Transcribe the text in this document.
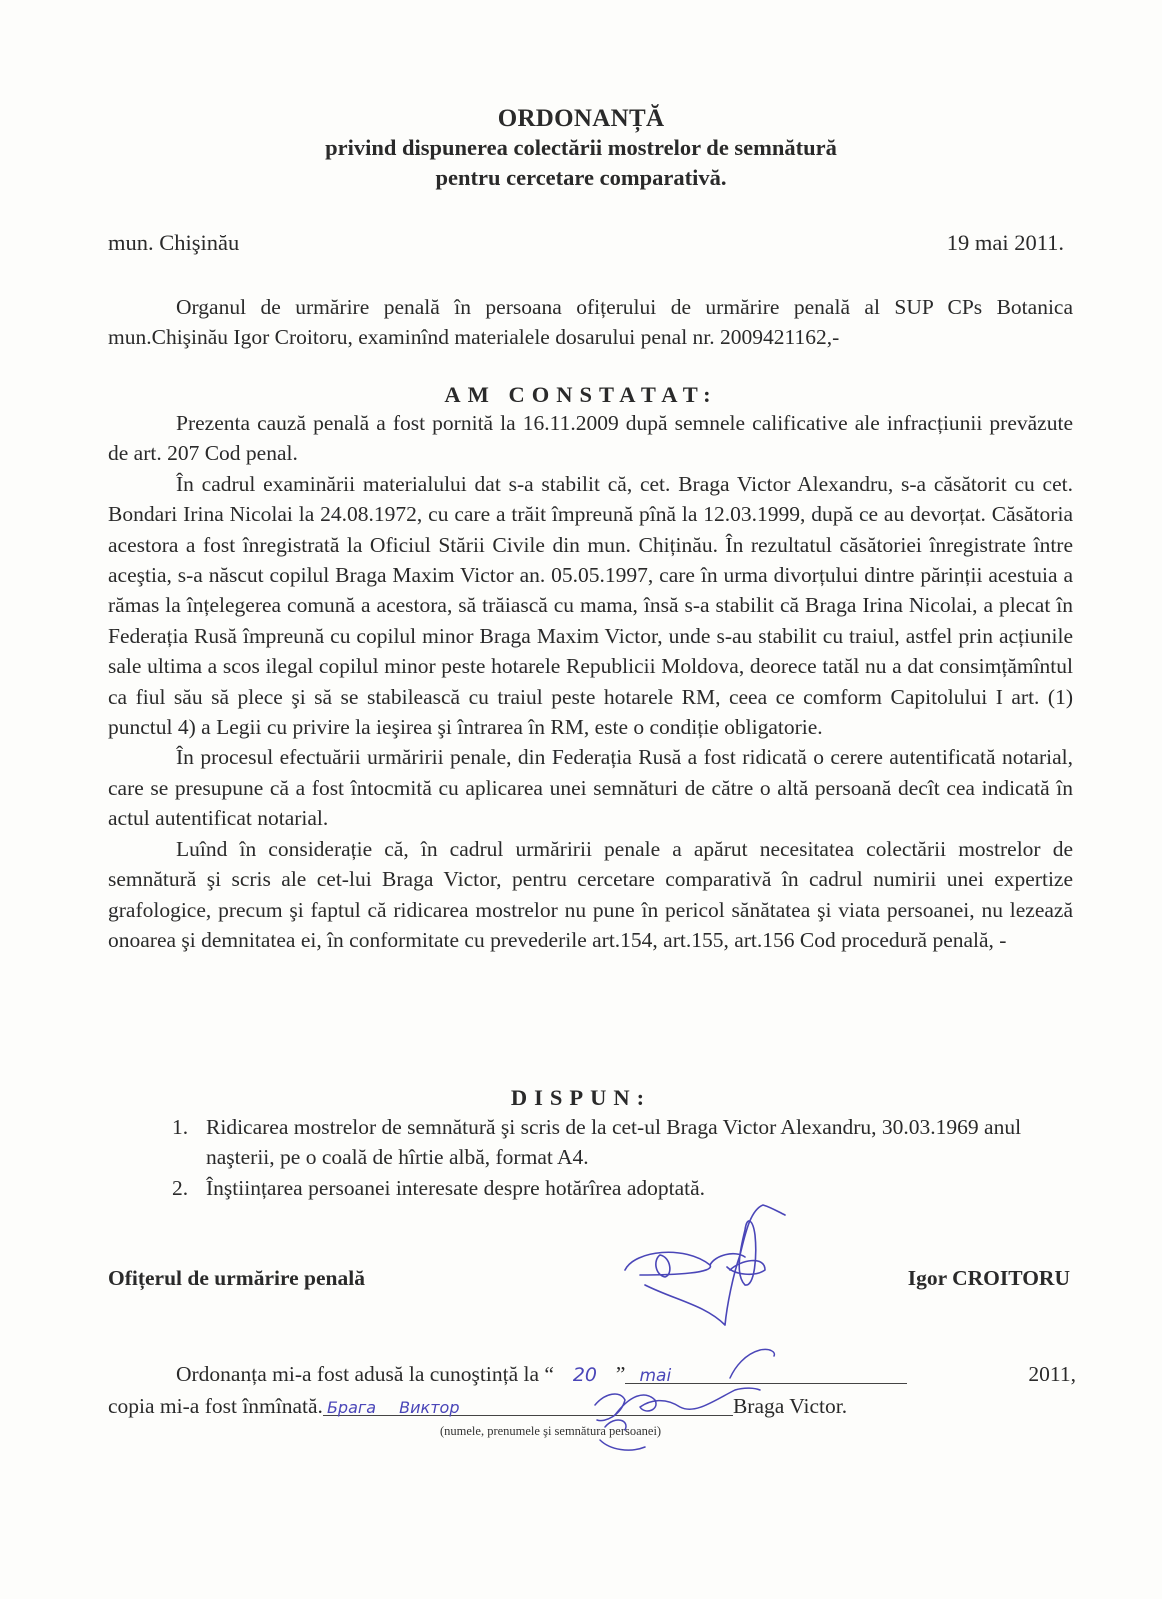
ORDONANȚĂ
privind dispunerea colectării mostrelor de semnătură
pentru cercetare comparativă.
mun. Chişinău	19 mai 2011.

Organul de urmărire penală în persoana ofițerului de urmărire penală al SUP CPs Botanica mun.Chişinău Igor Croitoru, examinînd materialele dosarului penal nr. 2009421162,-

AM CONSTATAT:

Prezenta cauză penală a fost pornită la 16.11.2009 după semnele calificative ale infracțiunii prevăzute de art. 207 Cod penal.

În cadrul examinării materialului dat s-a stabilit că, cet. Braga Victor Alexandru, s-a căsătorit cu cet. Bondari Irina Nicolai la 24.08.1972, cu care a trăit împreună pînă la 12.03.1999, după ce au devorțat. Căsătoria acestora a fost înregistrată la Oficiul Stării Civile din mun. Chiținău. În rezultatul căsătoriei înregistrate între aceştia, s-a născut copilul Braga Maxim Victor an. 05.05.1997, care în urma divorțului dintre părinții acestuia a rămas la înțelegerea comună a acestora, să trăiască cu mama, însă s-a stabilit că Braga Irina Nicolai, a plecat în Federația Rusă împreună cu copilul minor Braga Maxim Victor, unde s-au stabilit cu traiul, astfel prin acțiunile sale ultima a scos ilegal copilul minor peste hotarele Republicii Moldova, deorece tatăl nu a dat consimțămîntul ca fiul său să plece şi să se stabilească cu traiul peste hotarele RM, ceea ce comform Capitolului I art. (1) punctul 4) a Legii cu privire la ieşirea şi întrarea în RM, este o condiție obligatorie.

În procesul efectuării urmăririi penale, din Federația Rusă a fost ridicată o cerere autentificată notarial, care se presupune că a fost întocmită cu aplicarea unei semnături de către o altă persoană decît cea indicată în actul autentificat notarial.

Luînd în considerație că, în cadrul urmăririi penale a apărut necesitatea colectării mostrelor de semnătură şi scris ale cet-lui Braga Victor, pentru cercetare comparativă în cadrul numirii unei expertize grafologice, precum şi faptul că ridicarea mostrelor nu pune în pericol sănătatea şi viata persoanei, nu lezează onoarea şi demnitatea ei, în conformitate cu prevederile art.154, art.155, art.156 Cod procedură penală, -

DISPUN:
1. Ridicarea mostrelor de semnătură şi scris de la cet-ul Braga Victor Alexandru, 30.03.1969 anul naşterii, pe o coală de hîrtie albă, format A4.
2. Înştiințarea persoanei interesate despre hotărîrea adoptată.
Ofițerul de urmărire penală	Igor CROITORU
Ordonanța mi-a fost adusă la cunoştință la “ 20 ” mai	2011,
copia mi-a fost înmînată. Брага Виктор	Braga Victor.
(numele, prenumele şi semnătura persoanei)
